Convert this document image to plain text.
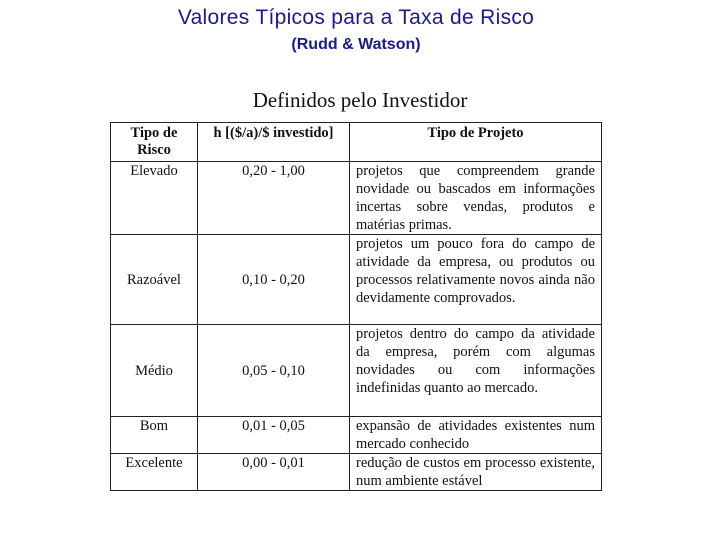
Valores Típicos para a Taxa de Risco
(Rudd & Watson)
Definidos pelo Investidor
Tipo de Risco	h [($/a)/$ investido]	Tipo de Projeto
Elevado	0,20 - 1,00	projetos que compreendem grande novidade ou bascados em informações incertas sobre vendas, produtos e matérias primas.
Razoável	0,10 - 0,20	projetos um pouco fora do campo de atividade da empresa, ou produtos ou processos relativamente novos ainda não devidamente comprovados.
Médio	0,05 - 0,10	projetos dentro do campo da atividade da empresa, porém com algumas novidades ou com informações indefinidas quanto ao mercado.
Bom	0,01 - 0,05	expansão de atividades existentes num mercado conhecido
Excelente	0,00 - 0,01	redução de custos em processo existente, num ambiente estável
